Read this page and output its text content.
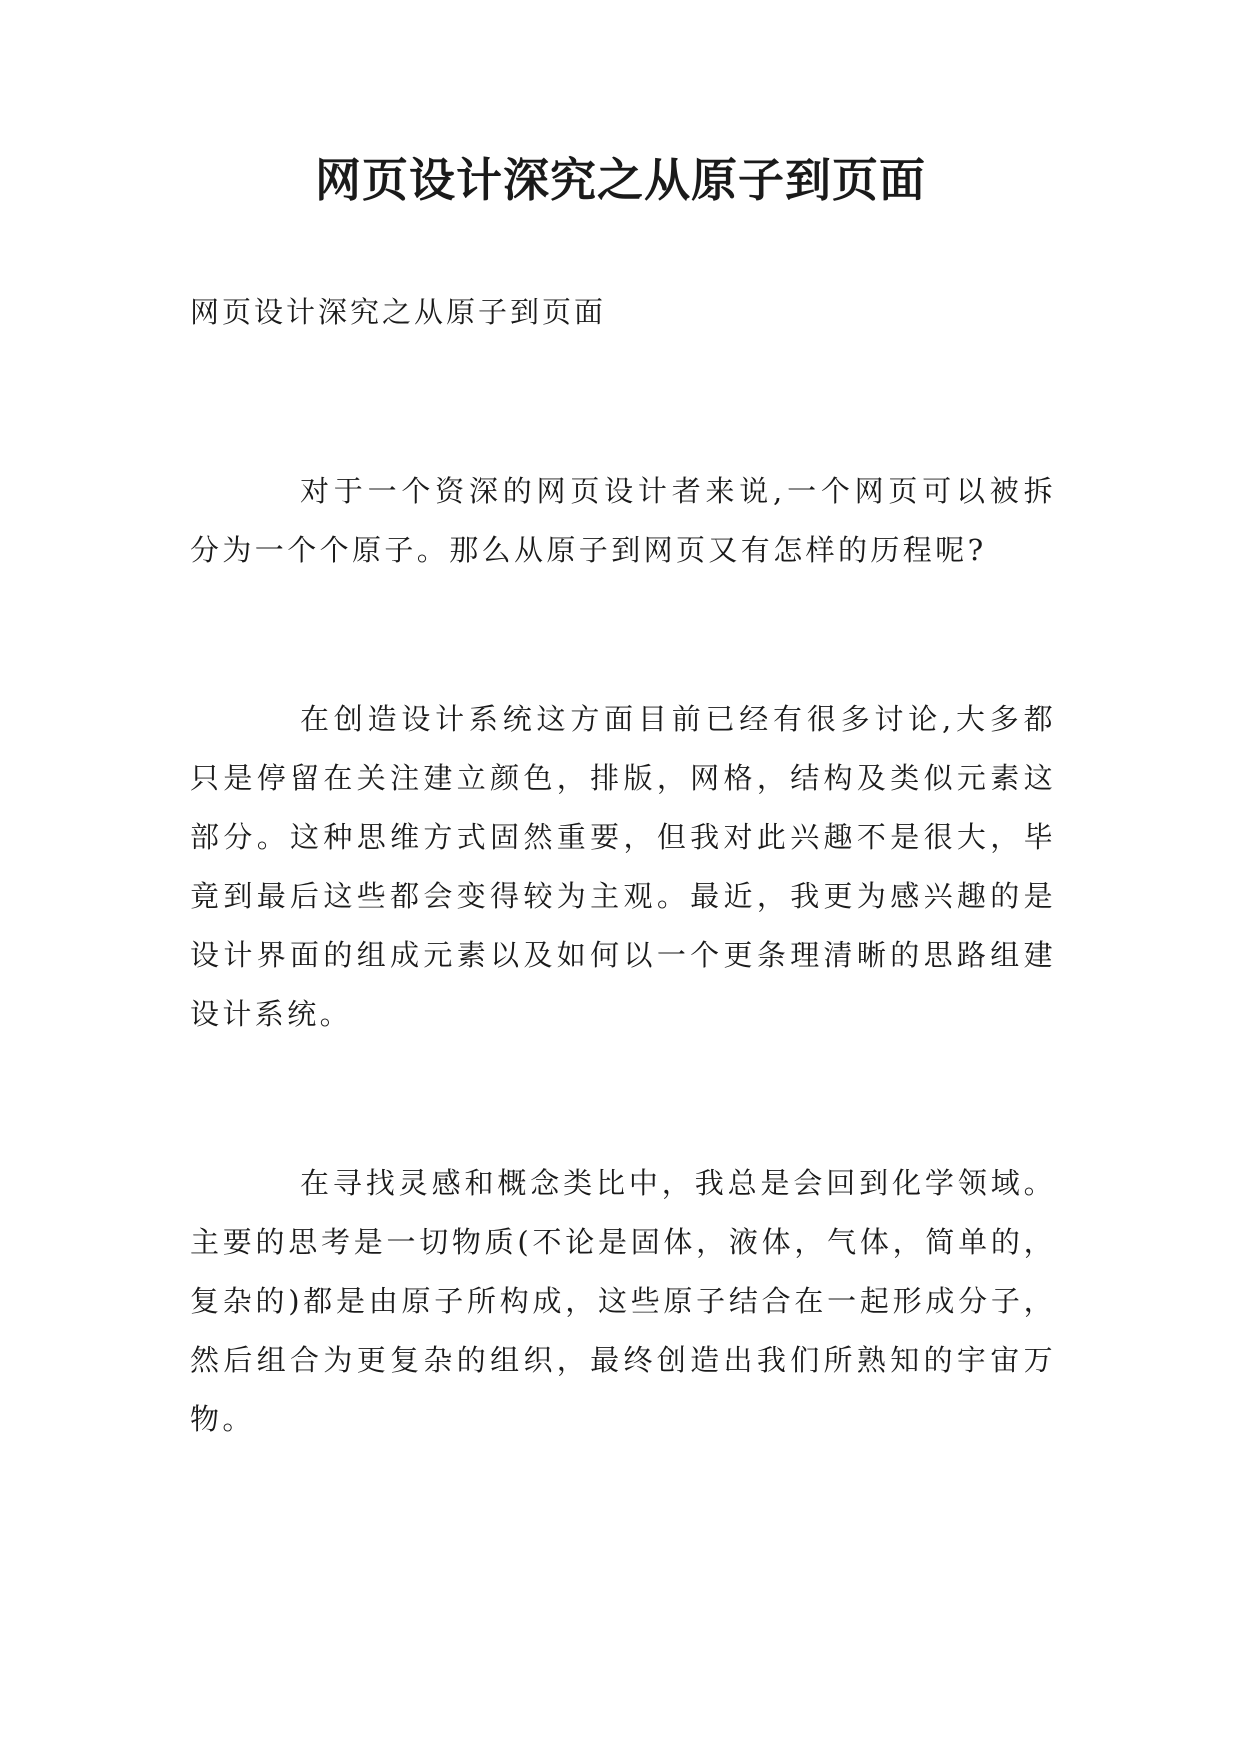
网页设计深究之从原子到页面

网页设计深究之从原子到页面

对于一个资深的网页设计者来说,一个网页可以被拆分为一个个原子。那么从原子到网页又有怎样的历程呢?

在创造设计系统这方面目前已经有很多讨论,大多都只是停留在关注建立颜色，排版，网格，结构及类似元素这部分。这种思维方式固然重要，但我对此兴趣不是很大，毕竟到最后这些都会变得较为主观。最近，我更为感兴趣的是设计界面的组成元素以及如何以一个更条理清晰的思路组建设计系统。

在寻找灵感和概念类比中，我总是会回到化学领域。主要的思考是一切物质(不论是固体，液体，气体，简单的，复杂的)都是由原子所构成，这些原子结合在一起形成分子，然后组合为更复杂的组织，最终创造出我们所熟知的宇宙万物。
